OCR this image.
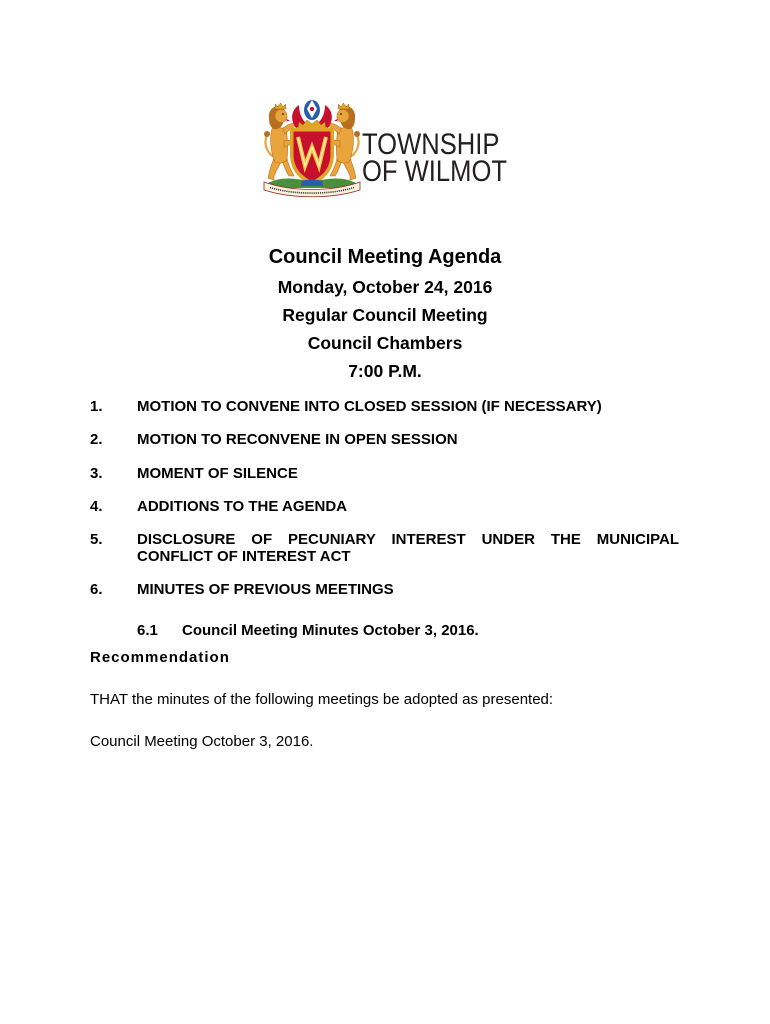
TOWNSHIP
OF WILMOT
Council Meeting Agenda
Monday, October 24, 2016
Regular Council Meeting
Council Chambers
7:00 P.M.
1.	MOTION TO CONVENE INTO CLOSED SESSION (IF NECESSARY)
2.	MOTION TO RECONVENE IN OPEN SESSION
3.	MOMENT OF SILENCE
4.	ADDITIONS TO THE AGENDA
5.	DISCLOSURE OF PECUNIARY INTEREST UNDER THE MUNICIPAL CONFLICT OF INTEREST ACT
6.	MINUTES OF PREVIOUS MEETINGS
6.1	Council Meeting Minutes October 3, 2016.
Recommendation
THAT the minutes of the following meetings be adopted as presented:
Council Meeting October 3, 2016.
